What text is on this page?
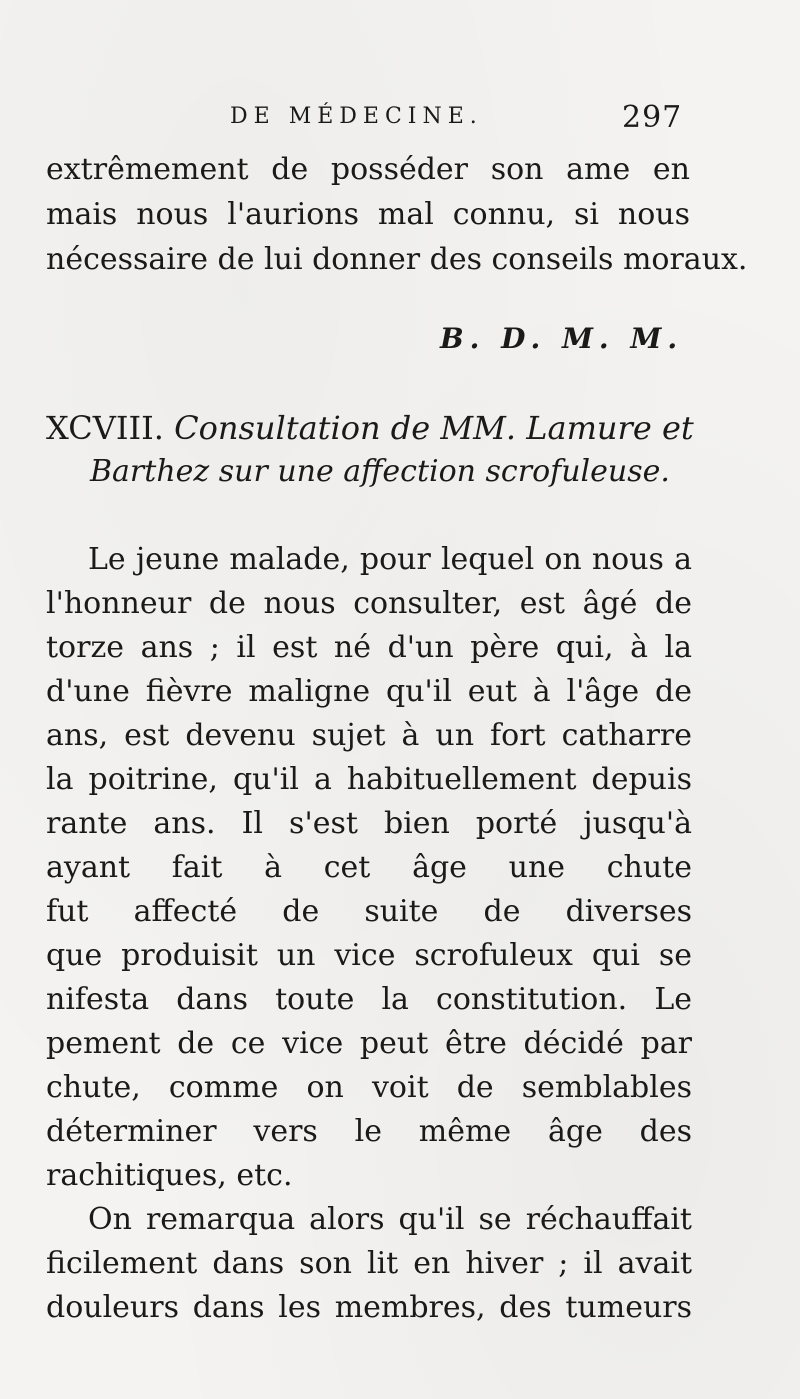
DE MÉDECINE.	297
extrêmement de posséder son ame en
mais nous l'aurions mal connu, si nous
nécessaire de lui donner des conseils moraux.
B. D. M. M.
XCVIII. Consultation de MM. Lamure et
Barthez sur une affection scrofuleuse.
Le jeune malade, pour lequel on nous a
l'honneur de nous consulter, est âgé de
torze ans ; il est né d'un père qui, à la
d'une fièvre maligne qu'il eut à l'âge de
ans, est devenu sujet à un fort catharre
la poitrine, qu'il a habituellement depuis
rante ans. Il s'est bien porté jusqu'à
ayant fait à cet âge une chute
fut affecté de suite de diverses
que produisit un vice scrofuleux qui se
nifesta dans toute la constitution. Le
pement de ce vice peut être décidé par
chute, comme on voit de semblables
déterminer vers le même âge des
rachitiques, etc.
On remarqua alors qu'il se réchauffait
ficilement dans son lit en hiver ; il avait
douleurs dans les membres, des tumeurs
